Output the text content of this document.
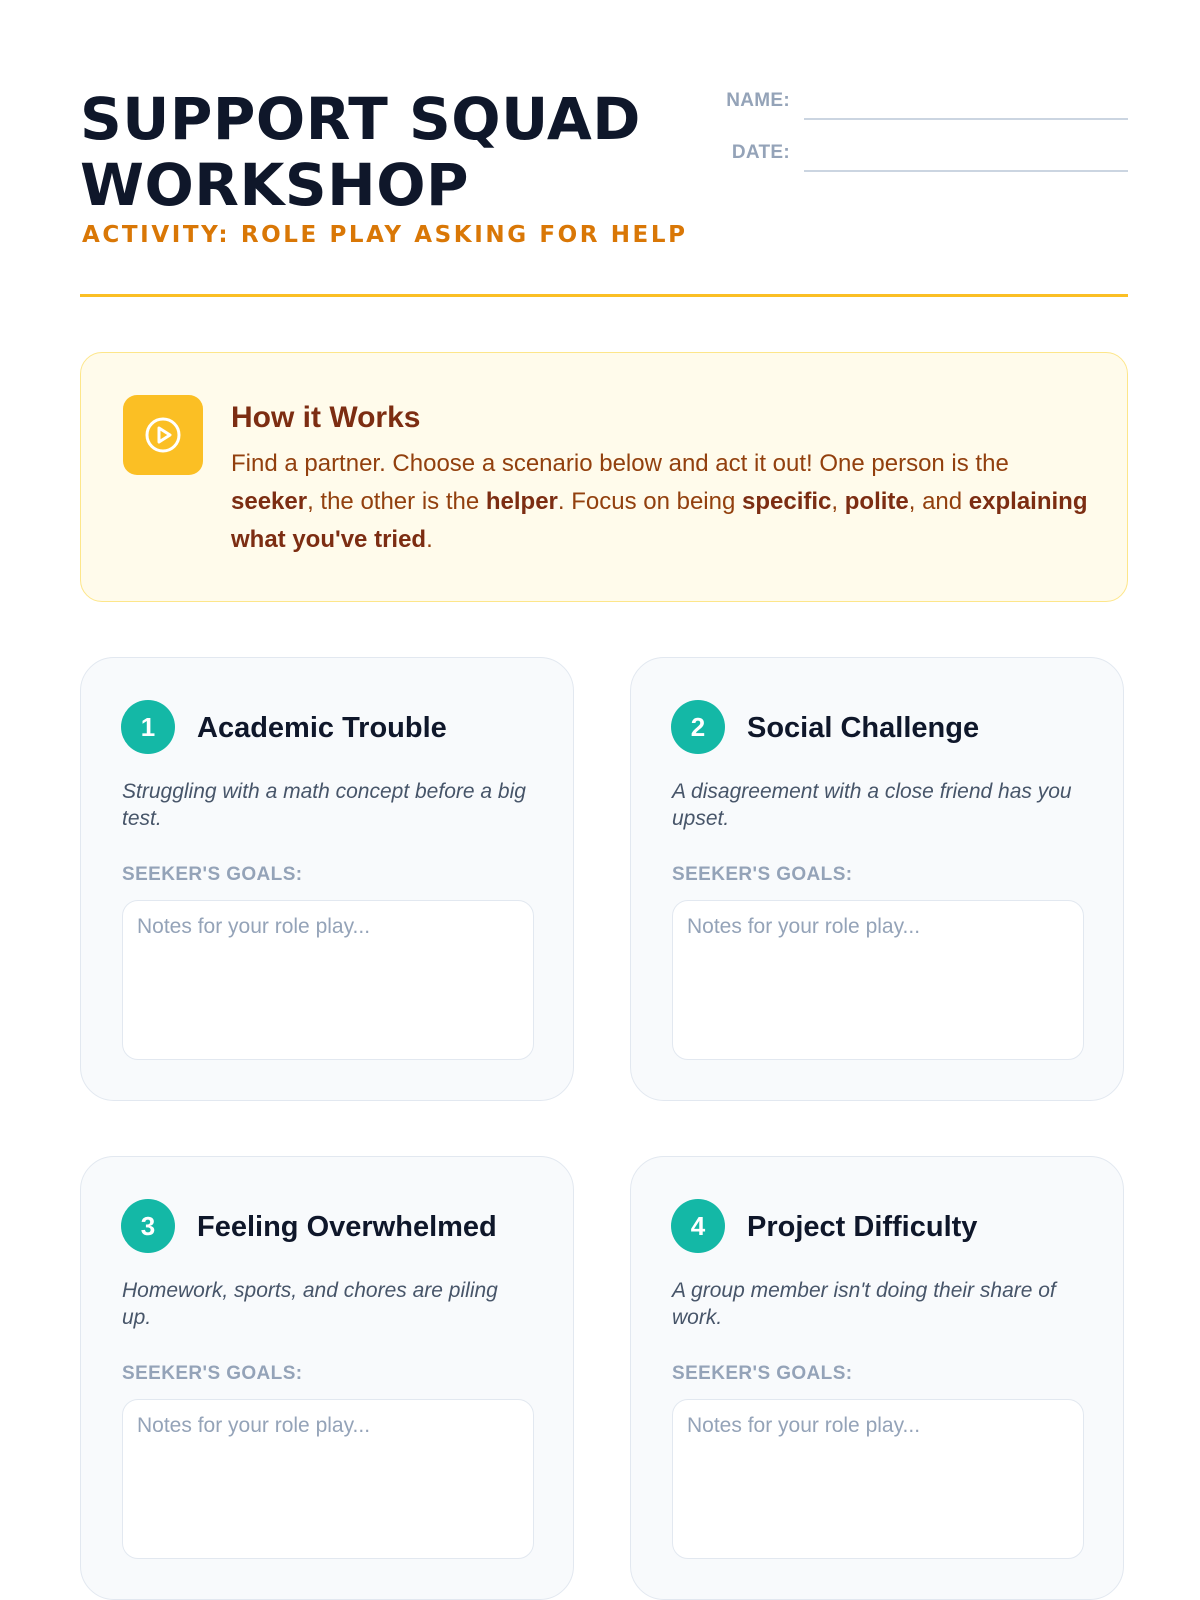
SUPPORT SQUAD
WORKSHOP
ACTIVITY: ROLE PLAY ASKING FOR HELP
NAME:
DATE:
How it Works

Find a partner. Choose a scenario below and act it out! One person is the seeker, the other is the helper. Focus on being specific, polite, and explaining what you've tried.

1	Academic Trouble

Struggling with a math concept before a big test.

SEEKER'S GOALS:
Notes for your role play...
2	Social Challenge

A disagreement with a close friend has you upset.

SEEKER'S GOALS:
Notes for your role play...
3	Feeling Overwhelmed

Homework, sports, and chores are piling up.

SEEKER'S GOALS:
Notes for your role play...
4	Project Difficulty

A group member isn't doing their share of work.

SEEKER'S GOALS:
Notes for your role play...
